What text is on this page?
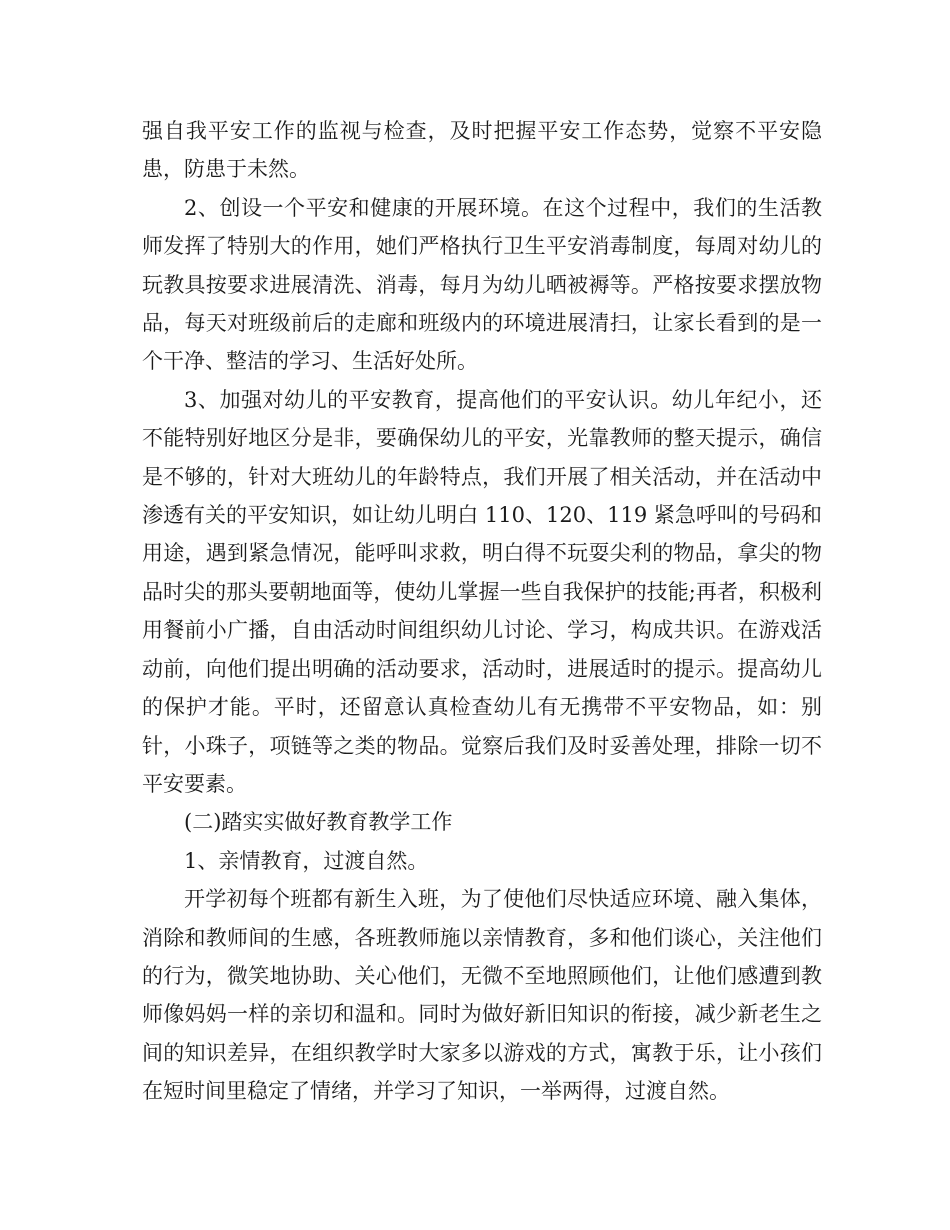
强自我平安工作的监视与检查，及时把握平安工作态势，觉察不平安隐患，防患于未然。

2、创设一个平安和健康的开展环境。在这个过程中，我们的生活教师发挥了特别大的作用，她们严格执行卫生平安消毒制度，每周对幼儿的玩教具按要求进展清洗、消毒，每月为幼儿晒被褥等。严格按要求摆放物品，每天对班级前后的走廊和班级内的环境进展清扫，让家长看到的是一个干净、整洁的学习、生活好处所。

3、加强对幼儿的平安教育，提高他们的平安认识。幼儿年纪小，还不能特别好地区分是非，要确保幼儿的平安，光靠教师的整天提示，确信是不够的，针对大班幼儿的年龄特点，我们开展了相关活动，并在活动中渗透有关的平安知识，如让幼儿明白 110、120、119 紧急呼叫的号码和用途，遇到紧急情况，能呼叫求救，明白得不玩耍尖利的物品，拿尖的物品时尖的那头要朝地面等，使幼儿掌握一些自我保护的技能;再者，积极利用餐前小广播，自由活动时间组织幼儿讨论、学习，构成共识。在游戏活动前，向他们提出明确的活动要求，活动时，进展适时的提示。提高幼儿的保护才能。平时，还留意认真检查幼儿有无携带不平安物品，如：别针，小珠子，项链等之类的物品。觉察后我们及时妥善处理，排除一切不平安要素。

(二)踏实实做好教育教学工作

1、亲情教育，过渡自然。

开学初每个班都有新生入班，为了使他们尽快适应环境、融入集体，消除和教师间的生感，各班教师施以亲情教育，多和他们谈心，关注他们的行为，微笑地协助、关心他们，无微不至地照顾他们，让他们感遭到教师像妈妈一样的亲切和温和。同时为做好新旧知识的衔接，减少新老生之间的知识差异，在组织教学时大家多以游戏的方式，寓教于乐，让小孩们在短时间里稳定了情绪，并学习了知识，一举两得，过渡自然。
